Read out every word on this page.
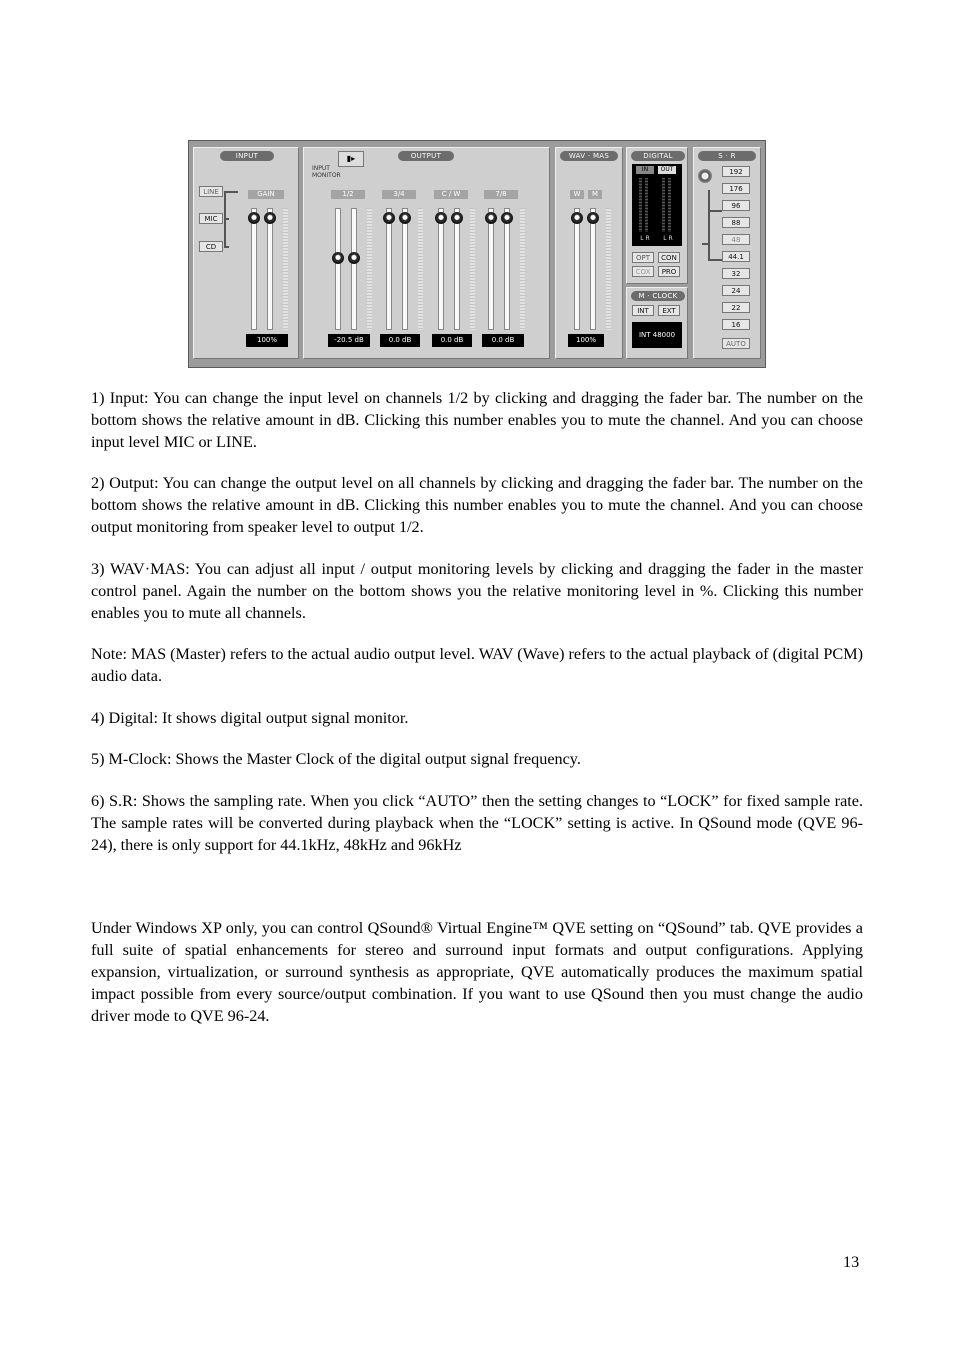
INPUT
LINE
MIC
CD
GAIN
100%
OUTPUT
▮▸
INPUT MONITOR
1/2
-20.5 dB
3/4
0.0 dB
C / W
0.0 dB
7/8
0.0 dB
WAV · MAS
W	M
100%
DIGITAL
IN	OUT
L R	L R
OPT	CON
COX	PRO
M · CLOCK
INT	EXT
INT 48000
S · R
192
176
96
88
48
44.1
32
24
22
16
AUTO

1) Input: You can change the input level on channels 1/2 by clicking and dragging the fader bar. The number on the bottom shows the relative amount in dB. Clicking this number enables you to mute the channel. And you can choose input level MIC or LINE.

2) Output: You can change the output level on all channels by clicking and dragging the fader bar. The number on the bottom shows the relative amount in dB. Clicking this number enables you to mute the channel. And you can choose output monitoring from speaker level to output 1/2.

3) WAV·MAS: You can adjust all input / output monitoring levels by clicking and dragging the fader in the master control panel. Again the number on the bottom shows you the relative monitoring level in %. Clicking this number enables you to mute all channels.

Note: MAS (Master) refers to the actual audio output level. WAV (Wave) refers to the actual playback of (digital PCM) audio data.

4) Digital: It shows digital output signal monitor.

5) M-Clock: Shows the Master Clock of the digital output signal frequency.

6) S.R: Shows the sampling rate. When you click “AUTO” then the setting changes to “LOCK” for fixed sample rate. The sample rates will be converted during playback when the “LOCK” setting is active. In QSound mode (QVE 96-24), there is only support for 44.1kHz, 48kHz and 96kHz

Under Windows XP only, you can control QSound® Virtual Engine™ QVE setting on “QSound” tab. QVE provides a full suite of spatial enhancements for stereo and surround input formats and output configurations. Applying expansion, virtualization, or surround synthesis as appropriate, QVE automatically produces the maximum spatial impact possible from every source/output combination. If you want to use QSound then you must change the audio driver mode to QVE 96-24.

13
